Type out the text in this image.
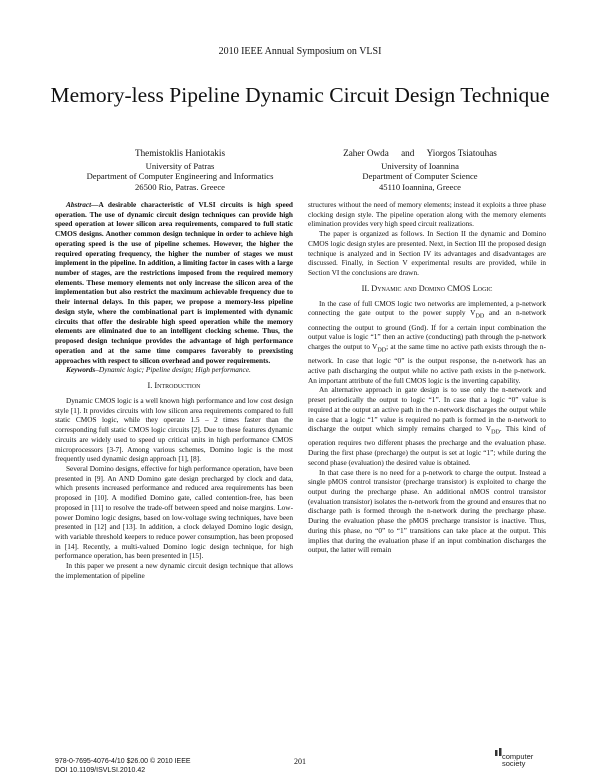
2010 IEEE Annual Symposium on VLSI
Memory-less Pipeline Dynamic Circuit Design Technique
Themistoklis Haniotakis
University of Patras
Department of Computer Engineering and Informatics
26500 Rio, Patras. Greece
Zaher Owda and Yiorgos Tsiatouhas
University of Ioannina
Department of Computer Science
45110 Ioannina, Greece

Abstract—A desirable characteristic of VLSI circuits is high speed operation. The use of dynamic circuit design techniques can provide high speed operation at lower silicon area requirements, compared to full static CMOS designs. Another common design technique in order to achieve high operating speed is the use of pipeline schemes. However, the higher the required operating frequency, the higher the number of stages we must implement in the pipeline. In addition, a limiting factor in cases with a large number of stages, are the restrictions imposed from the required memory elements. These memory elements not only increase the silicon area of the implementation but also restrict the maximum achievable frequency due to their internal delays. In this paper, we propose a memory-less pipeline design style, where the combinational part is implemented with dynamic circuits that offer the desirable high speed operation while the memory elements are eliminated due to an intelligent clocking scheme. Thus, the proposed design technique provides the advantage of high performance operation and at the same time compares favorably to preexisting approaches with respect to silicon overhead and power requirements.

Keywords–Dynamic logic; Pipeline design; High performance.

I. Introduction

Dynamic CMOS logic is a well known high performance and low cost design style [1]. It provides circuits with low silicon area requirements compared to full static CMOS logic, while they operate 1.5 – 2 times faster than the corresponding full static CMOS logic circuits [2]. Due to these features dynamic circuits are widely used to speed up critical units in high performance CMOS microprocessors [3-7]. Among various schemes, Domino logic is the most frequently used dynamic design approach [1], [8].

Several Domino designs, effective for high performance operation, have been presented in [9]. An AND Domino gate design precharged by clock and data, which presents increased performance and reduced area requirements has been proposed in [10]. A modified Domino gate, called contention-free, has been proposed in [11] to resolve the trade-off between speed and noise margins. Low-power Domino logic designs, based on low-voltage swing techniques, have been presented in [12] and [13]. In addition, a clock delayed Domino logic design, with variable threshold keepers to reduce power consumption, has been proposed in [14]. Recently, a multi-valued Domino logic design technique, for high performance operation, has been presented in [15].

In this paper we present a new dynamic circuit design technique that allows the implementation of pipeline

structures without the need of memory elements; instead it exploits a three phase clocking design style. The pipeline operation along with the memory elements elimination provides very high speed circuit realizations.

The paper is organized as follows. In Section II the dynamic and Domino CMOS logic design styles are presented. Next, in Section III the proposed design technique is analyzed and in Section IV its advantages and disadvantages are discussed. Finally, in Section V experimental results are provided, while in Section VI the conclusions are drawn.

II. Dynamic and Domino CMOS Logic

In the case of full CMOS logic two networks are implemented, a p-network connecting the gate output to the power supply $V_{DD}$ and an n-network connecting the output to ground (Gnd). If for a certain input combination the output value is logic “1” then an active (conducting) path through the p-network charges the output to $V_{DD}$; at the same time no active path exists through the n-network. In case that logic “0” is the output response, the n-network has an active path discharging the output while no active path exists in the p-network. An important attribute of the full CMOS logic is the inverting capability.

An alternative approach in gate design is to use only the n-network and preset periodically the output to logic “1”. In case that a logic “0” value is required at the output an active path in the n-network discharges the output while in case that a logic “1” value is required no path is formed in the n-network to discharge the output which simply remains charged to $V_{DD}$. This kind of operation requires two different phases the precharge and the evaluation phase. During the first phase (precharge) the output is set at logic “1”; while during the second phase (evaluation) the desired value is obtained.

In that case there is no need for a p-network to charge the output. Instead a single pMOS control transistor (precharge transistor) is exploited to charge the output during the precharge phase. An additional nMOS control transistor (evaluation transistor) isolates the n-network from the ground and ensures that no discharge path is formed through the n-network during the precharge phase. During the evaluation phase the pMOS precharge transistor is inactive. Thus, during this phase, no “0” to “1” transitions can take place at the output. This implies that during the evaluation phase if an input combination discharges the output, the latter will remain

978-0-7695-4076-4/10 $26.00 © 2010 IEEE
DOI 10.1109/ISVLSI.2010.42
201
computer
society
